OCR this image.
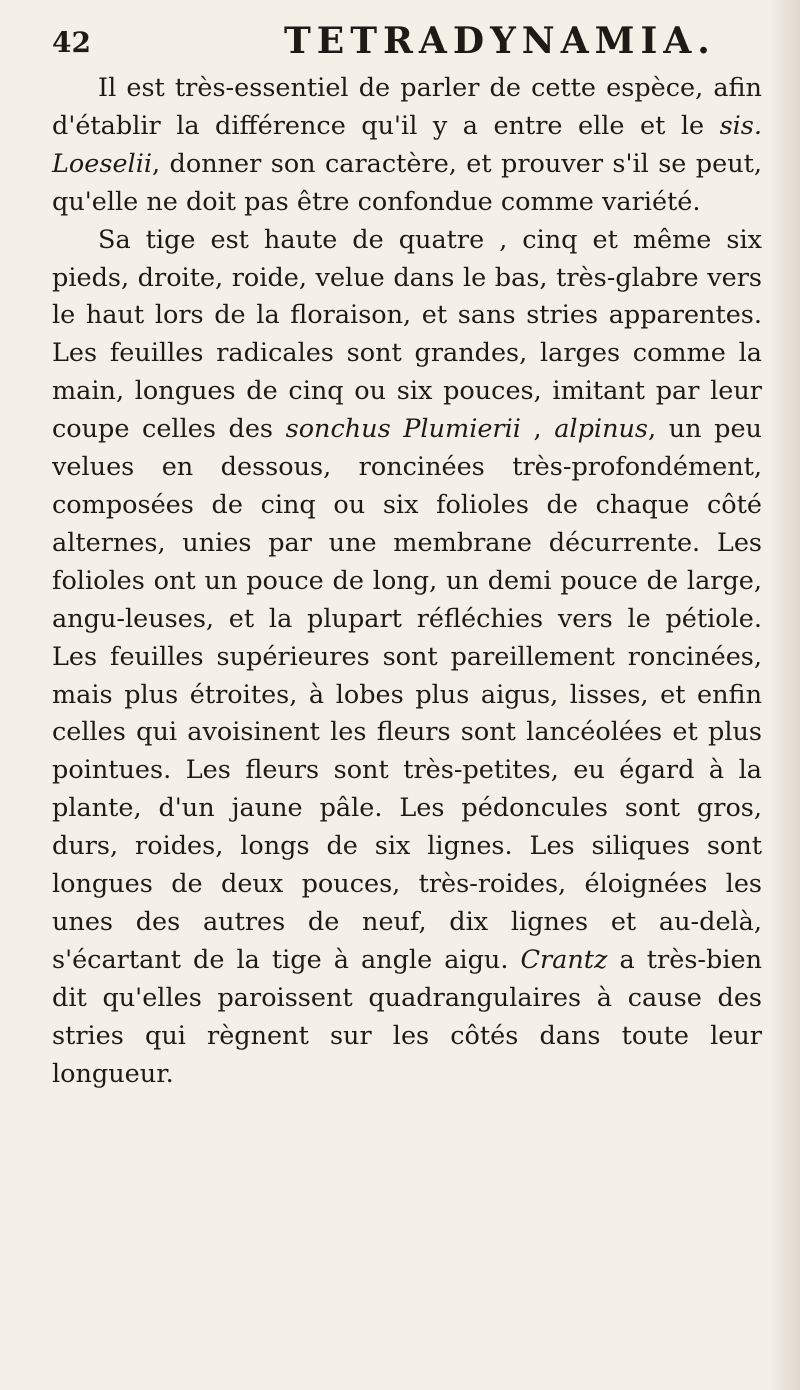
42	TETRADYNAMIA.

Il est très-essentiel de parler de cette espèce, afin d'établir la différence qu'il y a entre elle et le sis. Loeselii, donner son caractère, et prouver s'il se peut, qu'elle ne doit pas être confondue comme variété.

Sa tige est haute de quatre , cinq et même six pieds, droite, roide, velue dans le bas, très-glabre vers le haut lors de la floraison, et sans stries apparentes. Les feuilles radicales sont grandes, larges comme la main, longues de cinq ou six pouces, imitant par leur coupe celles des sonchus Plumierii , alpinus, un peu velues en dessous, roncinées très-profondément, composées de cinq ou six folioles de chaque côté alternes, unies par une membrane décurrente. Les folioles ont un pouce de long, un demi pouce de large, angu-leuses, et la plupart réfléchies vers le pétiole. Les feuilles supérieures sont pareillement roncinées, mais plus étroites, à lobes plus aigus, lisses, et enfin celles qui avoisinent les fleurs sont lancéolées et plus pointues. Les fleurs sont très-petites, eu égard à la plante, d'un jaune pâle. Les pédoncules sont gros, durs, roides, longs de six lignes. Les siliques sont longues de deux pouces, très-roides, éloignées les unes des autres de neuf, dix lignes et au-delà, s'écartant de la tige à angle aigu. Crantz a très-bien dit qu'elles paroissent quadrangulaires à cause des stries qui règnent sur les côtés dans toute leur longueur.
